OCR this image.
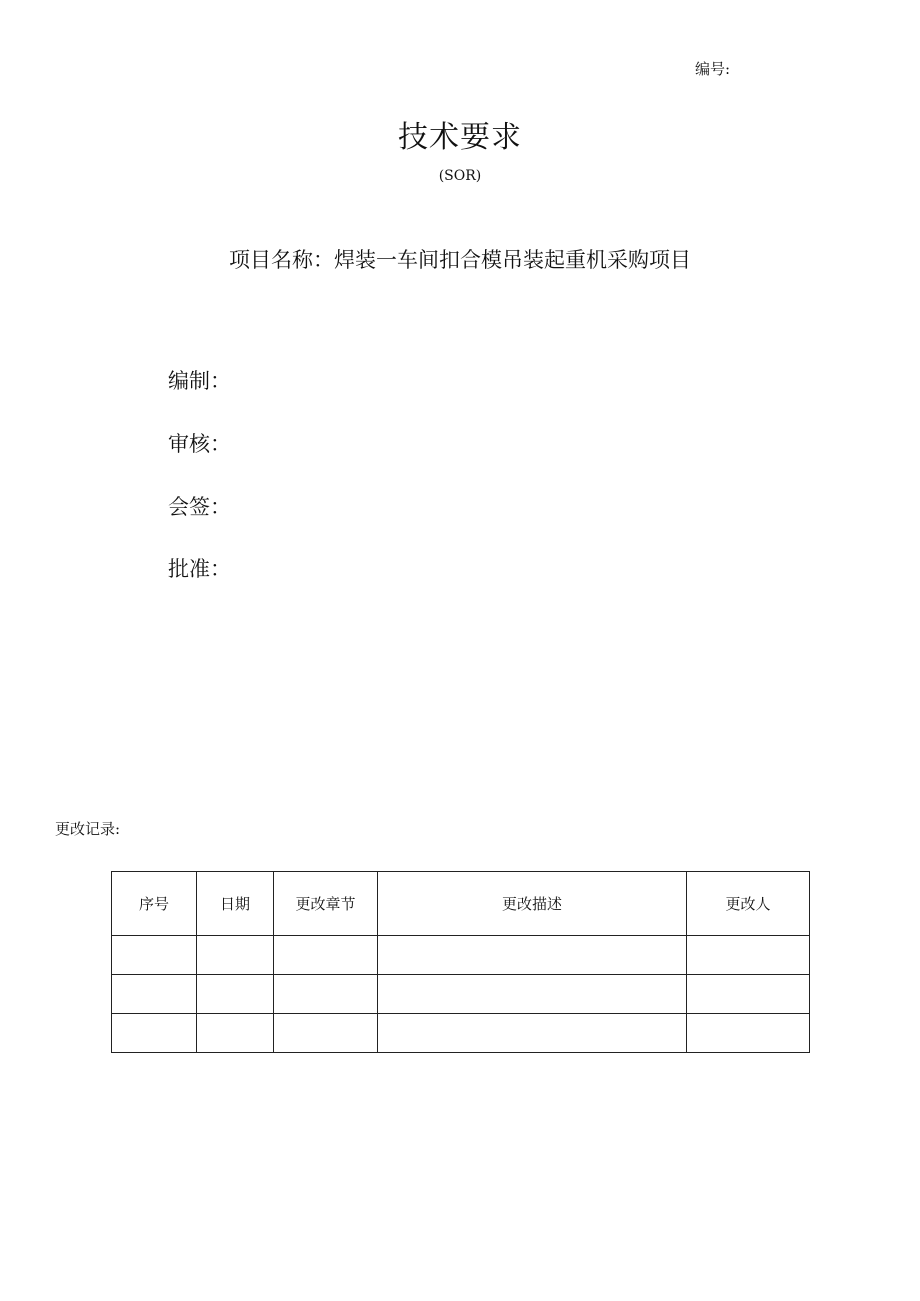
编号:
技术要求
(SOR)
项目名称：焊装一车间扣合模吊装起重机采购项目
编制：
审核：
会签：
批准：
更改记录:
序号	日期	更改章节	更改描述	更改人
